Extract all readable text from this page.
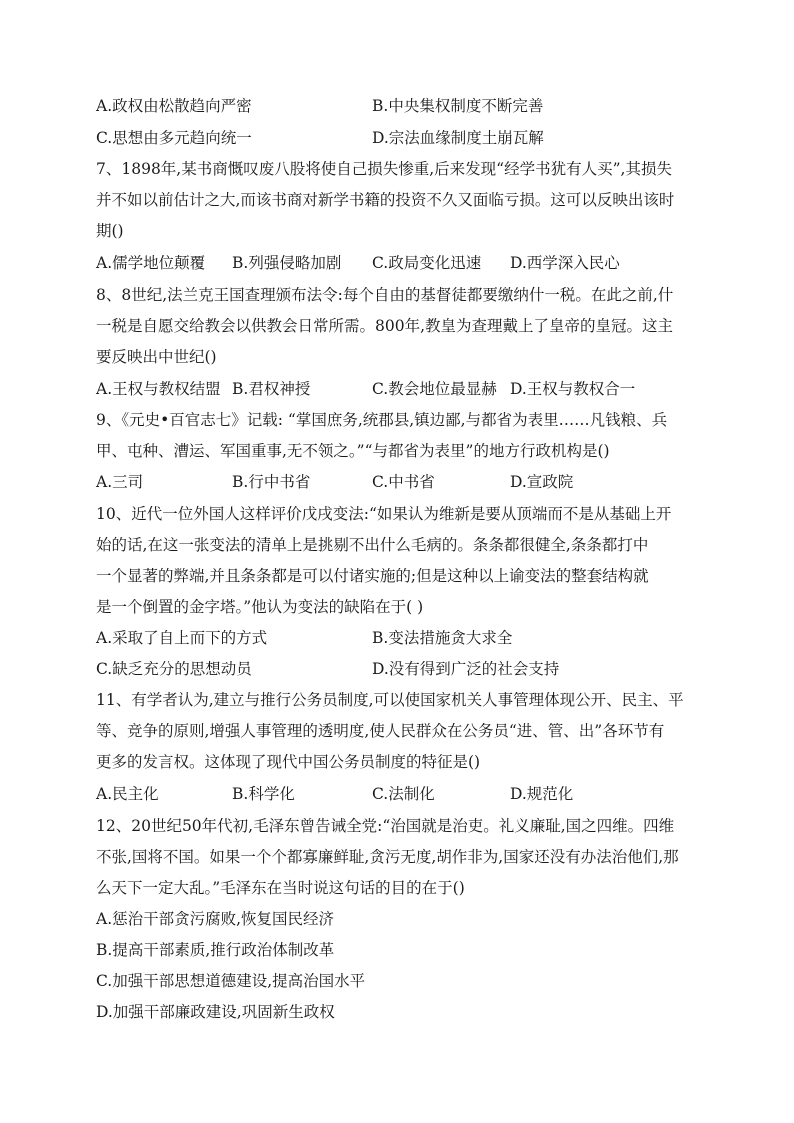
A.政权由松散趋向严密	B.中央集权制度不断完善
C.思想由多元趋向统一	D.宗法血缘制度土崩瓦解
7、1898年,某书商慨叹废八股将使自己损失惨重,后来发现“经学书犹有人买”,其损失
并不如以前估计之大,而该书商对新学书籍的投资不久又面临亏损。这可以反映出该时
期()
A.儒学地位颠覆 B.列强侵略加剧 C.政局变化迅速 D.西学深入民心
8、8世纪,法兰克王国查理颁布法令:每个自由的基督徒都要缴纳什一税。在此之前,什
一税是自愿交给教会以供教会日常所需。800年,教皇为查理戴上了皇帝的皇冠。这主
要反映出中世纪()
A.王权与教权结盟 B.君权神授	C.教会地位最显赫 D.王权与教权合一
9、《元史•百官志七》记载: “掌国庶务,统郡县,镇边鄙,与都省为表里……凡钱粮、兵
甲、屯种、漕运、军国重事,无不领之。”“与都省为表里”的地方行政机构是()
A.三司	B.行中书省	C.中书省	D.宣政院
10、近代一位外国人这样评价戊戌变法:“如果认为维新是要从顶端而不是从基础上开
始的话,在这一张变法的清单上是挑剔不出什么毛病的。条条都很健全,条条都打中
一个显著的弊端,并且条条都是可以付诸实施的;但是这种以上谕变法的整套结构就
是一个倒置的金字塔。”他认为变法的缺陷在于( )
A.采取了自上而下的方式	B.变法措施贪大求全
C.缺乏充分的思想动员	D.没有得到广泛的社会支持
11、有学者认为,建立与推行公务员制度,可以使国家机关人事管理体现公开、民主、平
等、竞争的原则,增强人事管理的透明度,使人民群众在公务员“进、管、出”各环节有
更多的发言权。这体现了现代中国公务员制度的特征是()
A.民主化	B.科学化	C.法制化	D.规范化
12、20世纪50年代初,毛泽东曾告诫全党:“治国就是治吏。礼义廉耻,国之四维。四维
不张,国将不国。如果一个个都寡廉鲜耻,贪污无度,胡作非为,国家还没有办法治他们,那
么天下一定大乱。”毛泽东在当时说这句话的目的在于()
A.惩治干部贪污腐败,恢复国民经济
B.提高干部素质,推行政治体制改革
C.加强干部思想道德建设,提高治国水平
D.加强干部廉政建设,巩固新生政权
